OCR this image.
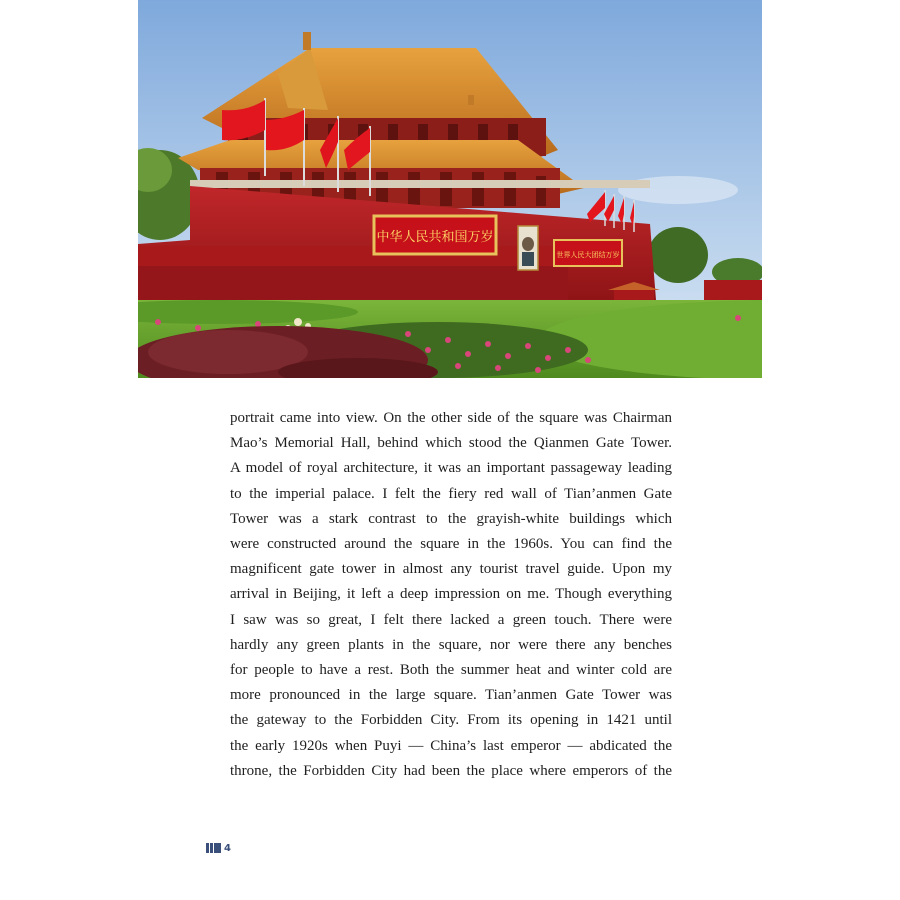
中华人民共和国万岁
世界人民大团结万岁

portrait came into view. On the other side of the square was Chairman
Mao’s Memorial Hall, behind which stood the Qianmen Gate Tower.
A model of royal architecture, it was an important passageway leading
to the imperial palace. I felt the fiery red wall of Tian’anmen Gate
Tower was a stark contrast to the grayish-white buildings which
were constructed around the square in the 1960s. You can find the
magnificent gate tower in almost any tourist travel guide. Upon my
arrival in Beijing, it left a deep impression on me. Though everything
I saw was so great, I felt there lacked a green touch. There were
hardly any green plants in the square, nor were there any benches
for people to have a rest. Both the summer heat and winter cold are
more pronounced in the large square. Tian’anmen Gate Tower was
the gateway to the Forbidden City. From its opening in 1421 until
the early 1920s when Puyi — China’s last emperor — abdicated the
throne, the Forbidden City had been the place where emperors of the

4
